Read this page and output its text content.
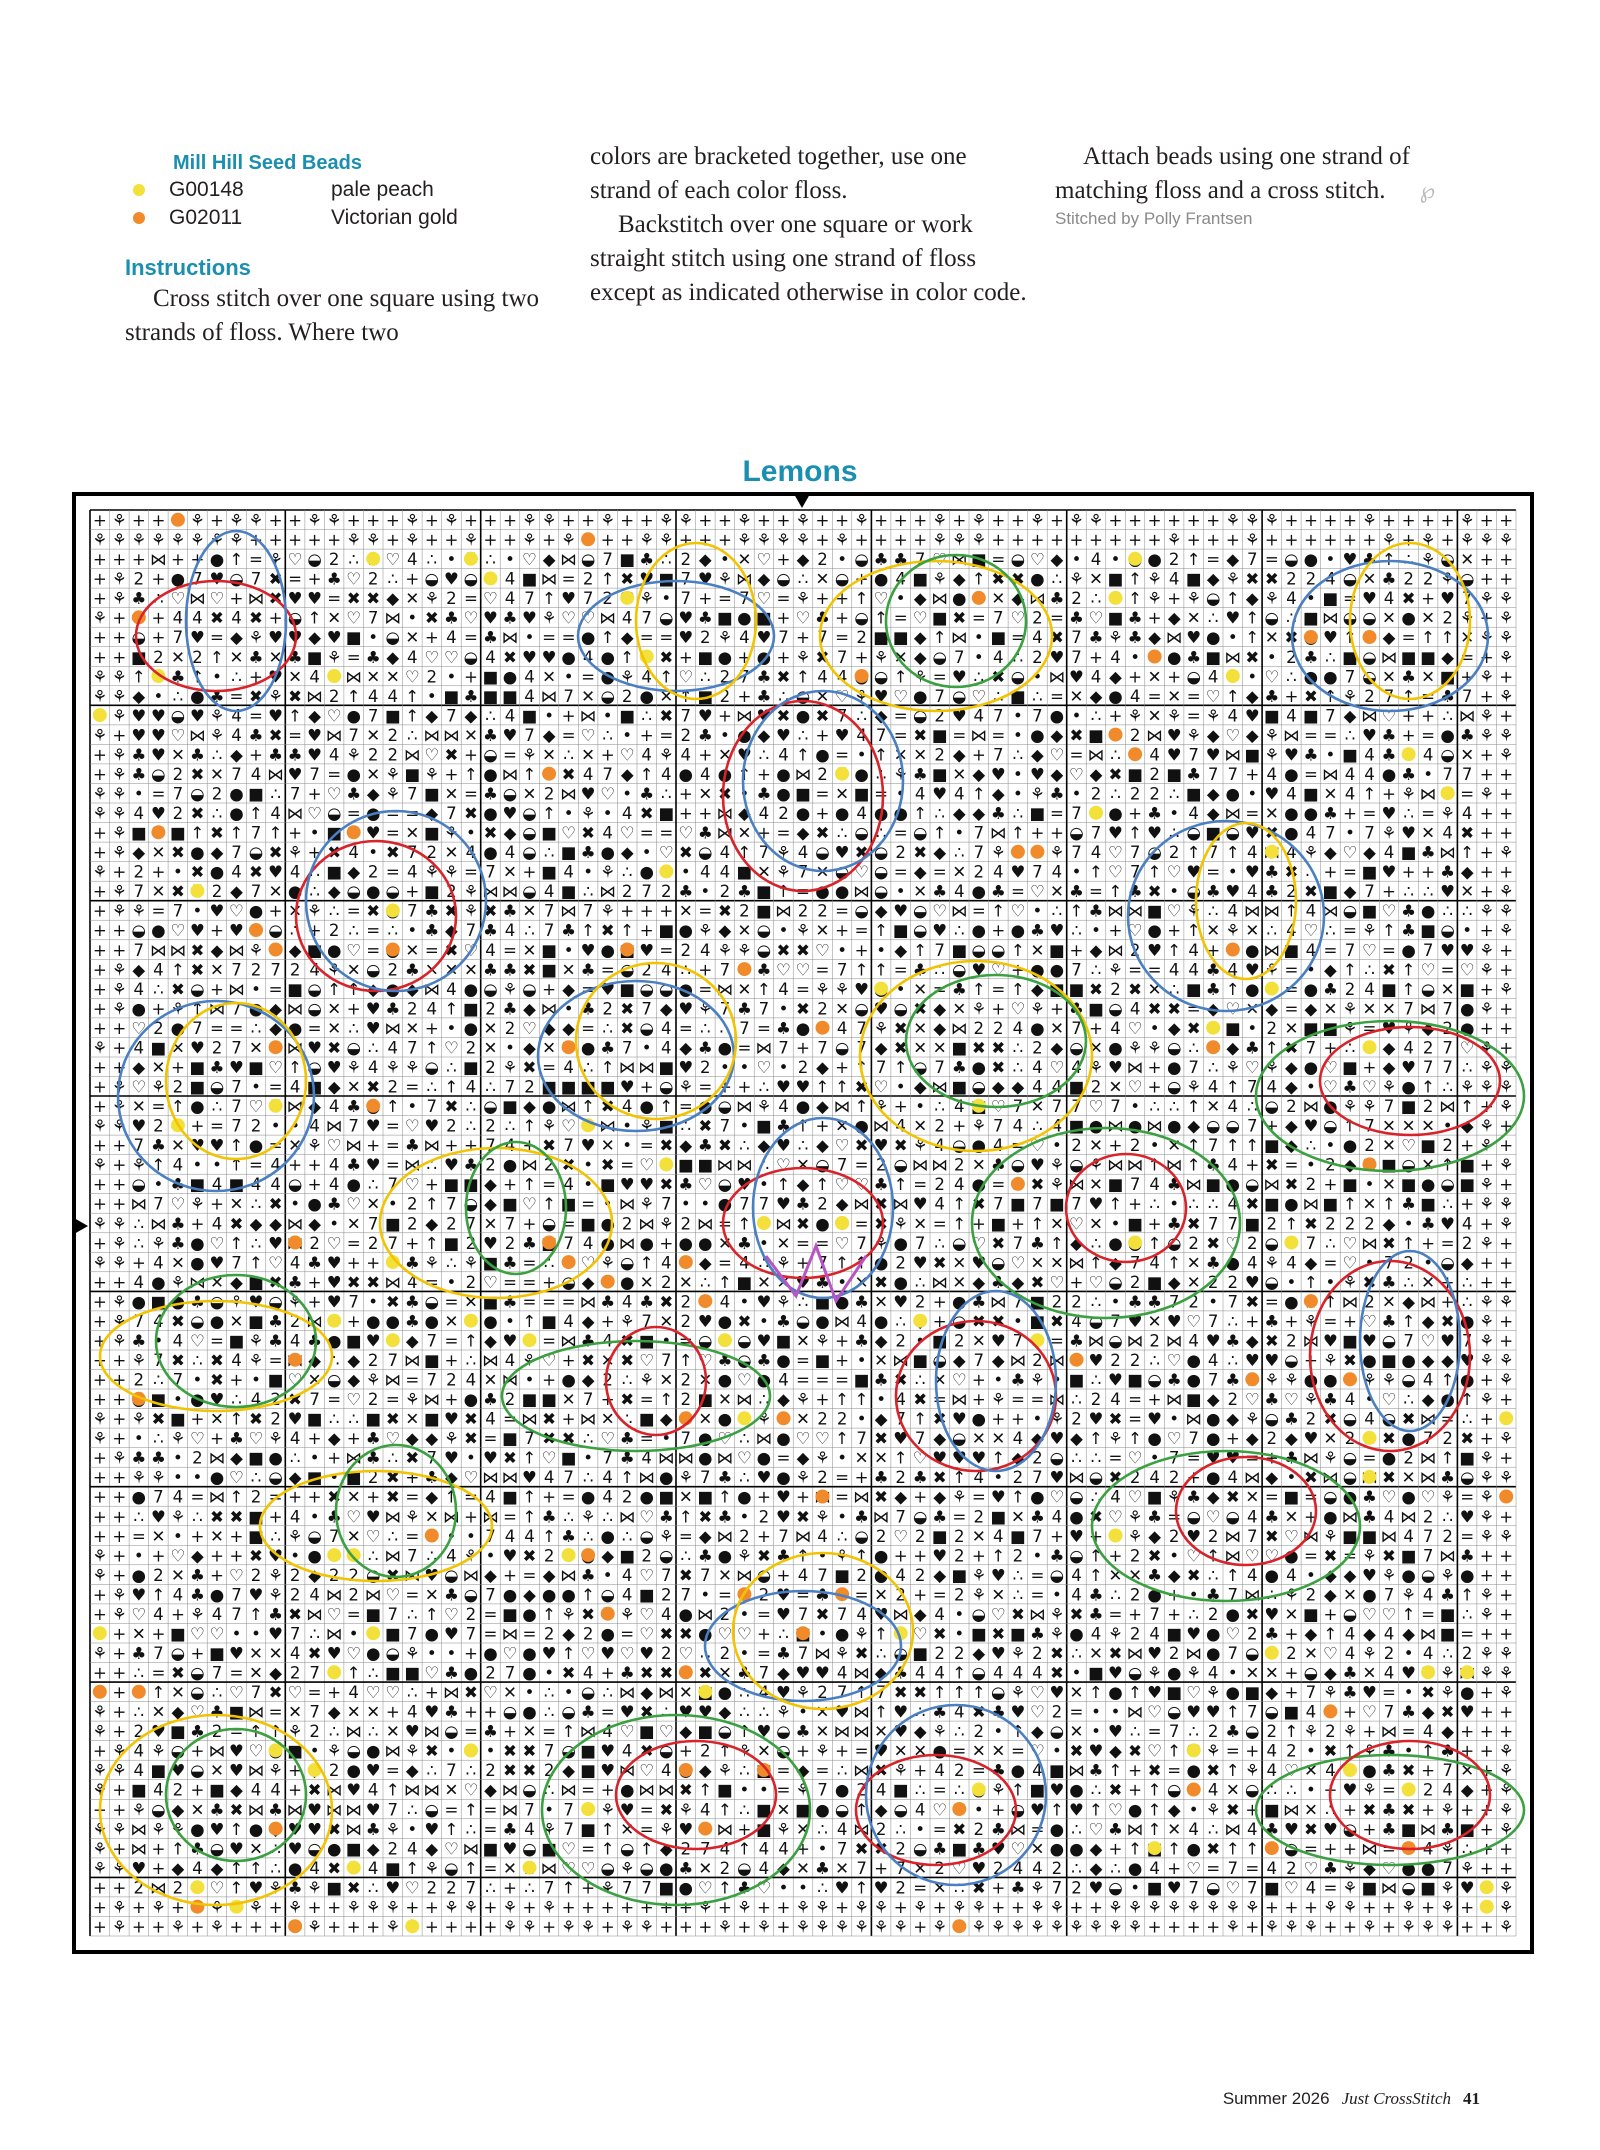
Mill Hill Seed Beads
G00148	pale peach
G02011	Victorian gold
Instructions

Cross stitch over one square using two strands of floss. Where two

colors are bracketed together, use one strand of each color floss.

Backstitch over one square or work straight stitch using one strand of floss except as indicated otherwise in color code.

Attach beads using one strand of matching floss and a cross stitch. ℘

Stitched by Polly Frantsen
Lemons
+ ⚘ + + ⚘ + ⚘ ⚘ + + ⚘ ⚘ + + + ⚘ + ⚘ + + + ⚘ ⚘ + + ⚘ + + ⚘ ⚘ + + ⚘ + + ⚘ + + ⚘ + + + ⚘ + ⚘ + + ⚘ + ⚘ ⚘ + + + + + + ⚘ ⚘ ⚘ + + + + ⚘ + + + + ⚘ + +
⚘ ⚘ ⚘ ⚘ ⚘ ⚘ ⚘ ⚘ + + + + + ⚘ ⚘ + ⚘ + + ⚘ + + ⚘ + ⚘ + + ⚘ ⚘ + + + ⚘ ⚘ ⚘ ⚘ + ⚘ + + + + ⚘ ⚘ ⚘ + + + + + + + + + ⚘ + + + ⚘ + + + + + + ⚘ + ⚘ + ⚘ ⚘ ⚘
+ + + ⋈ + + ● ↑ = ⚘ ♡ ◒ 2 ∴ ♡ 4 ∴ • ∴ • ♡ ◆ ⋈ ◒ 7 ■ ♣ ∴ 2 ◆ • ✕ ♡ + ◆ 2 • ◒ ♣ ♣ 7 ♡ ⋈ ■ = ◒ ♡ ◆ • 4 • ● 2 ↑ = ◆ 7 = ◒ ● • ♥ ♣ ↑ ∴ ⚘ ◒ ✕ + +
+ ⚘ 2 + ● 7 ♥ ◒ 7 ✖ = + ♣ ♡ 2 ∴ + ◒ ♥ ◒ 4 ■ ⋈ = 2 ↑ ✖ ♥ ■ 7 ♥ ⚘ ⋈ ◆ ◒ ∴ ✕ ◒ + ● 4 ■ ⚘ ◆ ↑ ✖ ✖ ● ∴ ⚘ ✕ ■ ↑ ⚘ 4 ■ ◆ ⚘ ✖ ✖ 2 2 4 ◒ ✕ ♣ 2 2 ⚘ ◒ + +
+ ⚘ ♣ ∴ ♡ ⋈ ♡ + ⋈ ✖ ♥ ♥ = ✖ ✖ ◆ ✕ ⚘ 2 = ♡ 4 7 ↑ ♥ 7 2 ⚘ • 7 + = 7 ♡ = ⚘ + + ↑ ♡ • ◆ ⋈ ● ✕ ◆ ⋈ ♣ 2 ∴ ↑ ⚘ + ⚘ ◒ ↑ ◆ ⚘ 4 • ■ = ♥ 4 ✖ + ♥ 7 ⚘ ⚘
⚘ + + 4 4 ✖ 4 ✖ + ◒ ↑ ✕ ♡ 7 ⋈ • ✖ ♣ ♡ ♥ ♣ ♥ ⚘ ♡ ♡ ⋈ 4 7 ◒ ♥ ♣ ■ ● ■ + ♡ ♣ + ◒ ↑ = ♡ ■ ✖ = 7 ♡ 2 = ♣ ♡ ■ ♣ + ◆ ✕ ∴ ♥ ↑ ◒ ∴ ■ ⋈ ◒ ◒ ✕ ● ✕ 2 ⚘ + ⚘
+ + ◒ + 7 ♥ = ◆ ⚘ ♥ ♥ ◆ ♥ ■ • ◒ ✕ + 4 = ♣ ⋈ • = = ● ↑ ◆ = = ♥ 2 ⚘ 4 ♥ 7 + 7 = 2 ■ ■ ◆ ↑ ⋈ • ■ = 4 ✖ 7 ♣ ⚘ ♣ ◆ ⋈ ♥ ● • ↑ ✕ ✖ ♥ ↑ ◆ = ↑ ↑ ✕ ⚘ ⚘
+ + ■ 2 ✕ 2 ↑ ✕ ♣ ✕ ♣ ■ ⚘ = ♣ ◆ 4 ♡ ♡ ◒ 4 ✖ ♥ ♥ ● 4 ● ↑ ✖ + ■ ● + ● + ⚘ ✖ 7 + ⚘ ✕ ◆ ◒ 7 • 4 ∴ 2 ♥ 7 + 4 • ● ♣ ■ ⋈ ✖ • 2 ♣ ∴ ■ ◒ ⋈ ■ ■ ◆ = + ⚘
⚘ ⚘ ↑ ♣ ↑ • ∴ + ♥ ✕ 4 ⋈ ✕ ✕ ♡ 2 • + ■ ● 4 ✕ • = ● ⚘ 4 ↑ ♡ ∴ 2 7 ♣ ✖ ↑ 4 4 ◒ ↑ ⚘ = ♥ ∴ ✖ ◒ • ⋈ ♥ 4 ◆ + ✕ + ◒ 4 • ♡ ∴ ● ● 7 ◒ ✕ ♣ ✕ ■ + ⚘ +
⚘ ⚘ ◆ • ∴ ● ♣ = ✖ ⚘ ✖ ⋈ 2 ↑ 4 4 ↑ • ■ ♣ ■ ■ 4 ⋈ 7 ✕ ◒ 2 ● ✕ ↑ ■ 2 + ♣ ∴ ◒ ✕ ♡ ⚘ ♥ ♡ ● 7 ◒ ♡ ∴ ■ ∴ = ✕ ◆ ● 4 = ✕ = ♡ ↑ ◆ ♣ + ✖ ↑ ⚘ 2 7 ↑ = ♣ 7 + ⚘
⚘ ♥ ♥ ◒ ♥ ⚘ 4 = ♥ ↑ ◆ ♡ ● 7 ■ ↑ ◆ 7 ◆ ∴ 4 ■ • + ⋈ • ■ ∴ ✖ 7 ♥ + ⋈ ♥ ✖ ● ✖ 7 ∴ ◆ = ◒ 2 ♥ 4 7 • 7 ● • ∴ + ⚘ ✕ ⚘ = ⚘ 4 ♥ ■ 4 ■ 7 ◆ ⋈ ♡ + + ∴ ⋈ ⚘ +
⚘ + ♥ ♥ ♡ ⋈ ⚘ 4 ♣ ✖ = ♥ ⋈ 7 ✕ 2 ∴ ⋈ ⋈ ✕ ♣ ♥ 7 ◆ = ♡ ∴ • + = 2 ♣ • ● ◆ ♥ ∴ + ♥ 4 7 = ✖ ■ = ⋈ = • ● ◆ ✖ ■ 2 ⋈ ♥ ⚘ ◆ ♡ ◆ ⚘ ⋈ = = ∴ ♥ ♣ + = ● ♣ ⚘ ⚘
+ ⚘ ♣ ♥ ✕ ♣ ∴ ◆ + ♣ ♣ ♥ 4 ⚘ 2 2 ⋈ ♡ ✖ + ◒ = ⚘ ✕ ∴ ✕ + ♡ 4 ⚘ 4 + ✕ ♥ ∴ 4 ↑ ● = • ↑ ✕ ✕ 2 ◆ + 7 ∴ ◆ ♡ = ⋈ ∴ 4 ♥ 7 ♥ ⋈ ■ ⚘ ♥ ♣ • ■ 4 ♣ 4 ◒ ✕ + ⚘
+ ⚘ ♣ ◒ 2 ✖ ✕ 7 4 ⋈ ♥ 7 = ● ✕ ⚘ ■ ⚘ + ↑ ● ⋈ ↑ ✖ 4 7 ◆ ↑ 4 ● 4 ● ↑ + ● ⋈ 2 ● ∴ ⚘ ♣ ■ ✕ ◆ ♥ • ♥ ◆ ♡ ◆ ✖ ■ 2 ■ ♣ 7 7 + 4 ● = ⋈ 4 4 ● ♣ • 7 7 + +
⚘ ⚘ • = 7 ◒ 2 ● ■ ∴ 7 + ♡ ♣ ◆ ⚘ 7 ■ ✕ = ♣ ◒ ✕ 2 ⋈ ♥ ♡ • ♣ ∴ + ✕ ✖ • ♣ ● ■ = ✕ ■ = • 4 ♥ 4 ↑ ◆ • ⚘ ♣ • 2 ∴ 2 2 ∴ ■ ◆ ● • ♥ 4 ■ ✕ 4 ↑ + ⚘ ⋈ = ⚘ +
⚘ ⚘ 4 ♥ 2 ✖ ∴ ● ↑ 4 ⋈ ♡ ◒ = ● = = ◆ 7 ✖ ● ♥ ◒ ↑ • ⚘ • 4 ✖ ■ + + ⋈ ◆ 4 2 ● + ● 4 ● ● ↑ ∴ ◆ ◆ ♣ ∴ ■ = 7 ● + ♣ • 4 ◆ ⋈ = ✕ ● ● ♣ + = ♥ ∴ = ⚘ 4 + +
+ ⚘ ■ ■ ↑ ✖ ↑ 7 ↑ + • ■ ♥ = ✕ ■ ⚘ • ✖ ◆ ◒ ■ ♡ ✖ 4 ♡ = = ♡ ♣ ⋈ ✕ + = ◆ ✖ ∴ ◒ ∴ = ◒ ↑ • 7 ⋈ ↑ + + ◒ 7 ♥ ↑ ♥ ∴ ◒ ■ ◒ ♥ ✖ ● 4 7 • 7 ⚘ ♥ ✕ 4 ✖ + +
+ ⚘ ◆ ✕ ✖ ● ◆ 7 ◒ ✖ ⚘ + ✖ 4 • ✖ 7 2 ✕ 4 ● 4 ◒ ∴ ■ ♣ ● ◆ • ♡ ✖ ◒ 4 ↑ 7 ⚘ 4 ◒ ♥ ✖ ◒ 2 ✖ ◆ ∴ 7 ⚘	⚘ 7 4 ♡ 7 ◒ 2 ↑ 7 ↑ 4 4 ⚘ ◆ ♡ ◆ 4 ■ ♣ ⋈ ↑ + ⚘
⚘ + 2 + • ✖ ● 4 ✖ ♥ 4 ∴ ■ ◆ 2 = 4 ⚘ ⚘ = 7 ✕ + ■ 4 • ⚘ ∴ ● • 4 4 ■ ✕ ⚘ 7 ✕ ◒ ♡ ◒ = ◆ = ✕ 2 4 ♥ 7 4 • ↑ ♡ 7 ↑ ♡ ♥ = • ♥ ♣ ✖ ∴ + = ■ ♥ + + ♣ ◆ + +
+ ⚘ 7 ✕ ✖ 2 ◆ 7 ✕ ● ∴ ◆ ◒ ● ◒ + ■ 2 ⚘ ⋈ ⋈ ◒ 4 ■ ∴ ⋈ 2 7 2 ♣ • 2 ♣ ■ ↑ = ● ● ⋈ ◒ • ✕ ♣ 4 ● ♣ = ♡ ✕ ♣ = ↑ ♣ ✖ • ◒ ♣ ♥ 4 ♣ 2 ✖ ■ ◆ 7 + ∴ ∴ ♥ ✕ + ⚘
+ ⚘ ⚘ = 7 • ♥ ♡ ● + ✕ ⚘ ∴ = ✖ 7 ♣ ✖ ⚘ ✖ ♣ ✕ 7 ⋈ 7 ⚘ + + + ✕ = ✖ 2 ■ ⋈ 2 2 = ◒ ◆ ♥ ◒ ♡ ⋈ = ↑ ♡ • ∴ ↑ ♣ ⋈ ⋈ ■ ♡ ⚘ ∴ 4 ⋈ ⋈ ↑ 4 ⋈ ◒ ■ ♡ ♣ ● ∴ ∴ ⚘ ⚘
+ + ◒ ● ♡ ♥ + ♥ ◒ ∴ + 2 ∴ = ∴ • ♣ ◆ 7 ♣ 4 ∴ 7 ♣ ↑ ✖ ↑ + ■ ● ⚘ ◆ ✕ ◒ • ⚘ ✕ + = ↑ ■ ◒ ♥ ∴ ● + ● ♣ ♥ ∴ • + ♡ ● + ↑ ✕ ⚘ ✕ ∴ 4 ♡ ∴ = ⚘ ↑ ♣ ■ ◒ • + ⚘
+ + 7 ⋈ ⋈ ✖ ◆ ⋈ ⚘ ◆ ■ ● ♡ = ✕ = ✖ ♡ 4 = ✕ ■ • ♥ ● ♥ = 2 4 ⚘ ⚘ ◒ ✖ ✖ ♡ • + • ◆ ↑ 7 ■ ◒ ◒ ↑ ✕ ■ + ◆ ⋈ 2 ♥ ↑ 4 + ● ⋈ ■ 4 = 7 ♡ = ● 7 ♥ ♥ ⚘ +
+ ⚘ ◆ 4 ↑ ✖ ✕ 7 2 7 2 4 ⚘ ✕ ◒ 2 ♣ ✕ ✕ ✕ ♣ ♣ ✖ ■ ✕ ♣ = ◒ 2 4 ∴ + 7 ♣ ♡ ♡ = 7 ↑ ↑ = ♣ ∴ ◒ ♥ ♡ + ● ● 7 ∴ ⚘ = = 4 4 ♣ 4 ♥ ⚘ = • ◆ ↑ ∴ ✖ ↑ ♡ = ♡ ⚘ +
+ ⚘ 4 ∴ ✖ ◒ + ⋈ • = ■ ◒ ↑ ↑ ◆ ● ◆ ⋈ 4 ● ◒ ⚘ ◒ + ◆ = ♥ ■ ◒ ◒ ● = ⋈ ✕ ↑ 4 = ⚘ ⚘ ♥ • ✕ = ♣ ↑ = ↑ ◆ ■ ■ ✖ 2 ✖ ✕ ∴ ■ ♣ ↑ ● = ● ♣ 2 4 ■ ↑ ◒ ✕ ■ + ⚘
+ ⚘ ● + ⚘ ↑ ⋈ 7 ● ◆ ⋈ ◒ ✕ + ♥ ♣ 2 4 ↑ ■ 2 ♣ ◆ ⋈ • ♣ 2 ✖ 7 ◆ ♥ ⚘ 7 ♣ 7 • ✖ 2 ✕ ◒ ♥ ◒ ✖ ◆ ✕ ⚘ + ♡ ⚘ + ♣ ■ ◒ 4 ✖ ✖ = ◆ ♡ ✕ ◆ = ◆ ✕ ⚘ ✕ ✕ 7 ⋈ 7 ● ⚘ +
+ + ♡ 2 ● 7 = = ∴ ◆ ● = ✕ ∴ ♥ ⋈ ✕ + • ● ✕ 2 ♡ ◆ ◆ = ∴ ✖ ◒ 4 = ∴ ∴ 7 = ♣ ● 4 7 ⚘ ✖ ✕ ◆ ⋈ 2 2 4 ● ✕ 7 + 4 ♡ • ◆ ✖ ■ • 2 ✕ ■ ■ ⚘ = ♥ ⚘ ◆ 2 ● + +
⚘ + 4 ■ ✕ ♥ 2 7 ✕ ⋈ ♥ ✖ ◒ ∴ 4 7 ↑ ♡ 2 ✕ • ◆ ✕ ● ♣ 7 • 4 ◆ ♣ ● = ⋈ 7 + 7 ◒ 7 ◆ ✖ ✕ ✕ ■ ✖ ✖ ∴ 2 ◆ ◒ ✕ ● ⚘ ⚘ ◒ ∴ ◆ ♣ ↑ ✖ 7 + ∴ ◆ 4 2 7 ♡ ⚘ +
+ + ◆ ✕ + ■ ♣ ♥ ■ ♡ ↑ ◒ ♥ ⚘ 4 ⚘ ⚘ ◒ ∴ ■ 2 ⚘ ✖ = 4 ∴ ↑ ⋈ ⋈ ■ ♥ 2 • • ♡ • 2 ◆ + ↑ 7 ↑ ◒ 7 ♣ ● ✖ ∴ 4 ♡ 4 ⚘ ♥ ⋈ + ● 7 ∴ ⚘ ♡ ⚘ ◆ ● ♡ ■ + ◆ ♥ 7 7 ∴ ⚘ ⚘
+ ⚘ ♡ ⚘ 2 ■ ◒ 7 • = 4 ■ ◆ ✕ ✖ 2 = ∴ ↑ 4 ∴ 7 2 ■ ■ ■ ■ ♥ + ◒ ⚘ = + + ∴ ♥ ♥ ↑ ↑ ✖ ♡ • ◆ ⋈ ■ ◒ ◆ ◆ 4 4 ■ 2 ✕ ♡ + ◒ ⚘ 4 ↑ 7 4 ◆ • ♡ ♣ ♡ ⚘ ● ↑ ∴ ⚘ ⚘ ⚘
+ ⚘ ✕ = ↑ ● ∴ 7 ♡ ⋈ ◆ 4 ♣ ↑ • 7 ✖ ∴ ◒ ■ ◆ ● ⋈ ↑ ✖ 4 ● ↑ = ● ◒ ⋈ ⚘ 4 ● ◆ ⋈ ↑ ⚘ + • ∴ 4 ♡ 7 ✕ 7 7 ♡ 7 • ∴ ∴ ↑ ✕ 4 ∴ ◒ 2 ⋈ ● ⚘ ⚘ 7 ■ 2 ⋈ ↑ + ⚘
⚘ ⚘ ♥ 2 + = 7 2 • • 4 ⋈ 7 ♥ = ♡ ♥ 2 ∴ 2 ∴ ↑ ⚘ ♡ ⋈ • ⚘ ■ ∴ ✖ 7 • ■ ♣ ↑ + ✕ ● ⋈ 4 ✕ 2 + ⚘ 7 4 ∴ 4 ■ ● ⋈ ● ⋈ ● ◆ ◒ ◒ 7 + ◆ ♥ ◒ ↑ 7 ✕ ✕ ✕ • ◆ ⚘ +
+ + 7 ♣ ✕ ♥ ♥ ↑ ● = ✕ ⚘ ♡ ⋈ + = ♣ ⋈ + + 7 4 + ✖ 7 ♥ ✕ • = ✖ ◆ ♣ ✖ ∴ ◆ ♥ ∴ ◆ ♡ ✖ ♥ ✖ ⚘ 4 ◒ ● 4 = ♡ • 2 ✕ + 2 • ✕ ↑ 7 ↑ ↑ ■ ◆ ∴ • ● 2 ✕ ♡ ■ 2 + ⚘ +
⚘ + ⚘ ↑ 4 • • ↑ = 4 + + 4 ♣ ♥ = ⋈ ∴ ♥ ♣ 2 ● ⋈ 2 ✖ • ✖ = ♡ ■ ■ ⋈ ⋈ ∴ ♡ ✕ ◒ 7 = 2 ◒ ⋈ ⋈ 2 ✕ ♣ ◒ ♥ ⚘ ◒ ⚘ ⋈ ⋈ ↑ ⋈ ↑ ♣ 4 + ✖ = • 2 ◆ ■ ◒ ✕ ↑ ■ + ⚘
+ + ◒ • ♣ ■ 4 ■ 4 4 ◒ + 4 ● ∴ 7 ♡ + ■ ■ ◆ + ↑ = 4 • ■ ♥ ♥ ✖ ♣ ♡ ◒ ♥ • ↑ ◆ ↑ ♡ ♡ ♣ ↑ = 2 4 ● = ✖ ⚘ ⋈ ✕ ■ 7 4 ♣ ⋈ ■ ● ◒ ⋈ ✖ 2 + ■ • ✕ ■ ● ◒ ■ ⚘ +
+ + ⋈ 7 ♡ ⚘ + ✕ ∴ ✖ • ● ♣ ♡ ✕ • 2 ↑ 7 ◒ ◆ ■ ♡ ↑ ■ = • ⋈ ⚘ 7 • • ● 7 7 ♥ ♣ 2 ◆ ⋈ ✖ ⋈ ♥ 4 ↑ ✖ 7 ■ 7 ■ 7 ♥ ↑ + ∴ • ∴ ∴ 4 ✖ ■ ● ⋈ ■ ↑ ✕ ↑ ♣ ■ ∴ + ⚘ ⚘
⚘ ⚘ ∴ ⋈ ♣ + 4 ✖ ◆ ◆ ⋈ ◆ • ✕ 7 ■ 2 ◆ 2 7 ✕ 7 + ◒ = ■ ● 2 ⋈ ⚘ 2 ⋈ = ↑ ⋈ ✖ ● = ✖ ⚘ ✕ = ↑ + ■ + ↑ ✕ ♡ ✕ • ■ + ♣ ✖ 7 7 ■ 2 ↑ ✖ 2 2 2 ◆ • ♣ ♥ 4 + ⚘
+ ⚘ ∴ ⚘ ♣ ● ♡ ↑ ∴ ♥ 2 ♡ = 2 7 + ↑ ■ 2 ♥ 2 ♣ 7 4 ● ⋈ ● + ● ● ✕ ♣ • ✕ = = ♡ 7 ⚘ ● 7 ∴ ◒ ♡ ✖ 7 ♣ ↑ ◆ ∴ ● ↑ ◒ 2 ✖ ♡ 2 ◒ 7 ∴ ♡ ⋈ ✖ ↑ + = 2 ⚘ +
⚘ ⚘ + 4 ✕ ● ♥ 7 ↑ ♡ 4 ♣ ♥ + + ♣ ⚘ ∴ ⚘ ■ ♣ = ∴ ♡ ⚘ ◒ ↑ 4 ◆ = 4 ∴ ⚘ + 7 ↑ ↑ ● 2 ♥ ✖ ✕ ♥ ◒ ♡ ✕ ✕ ⋈ ↑ ◆ 7 4 ↑ ✕ ♣ ● 4 ⚘ 4 ◆ = ♡ • 7 2 • ◒ ◆ + +
+ + 4 ● ⚘ ⋈ ✕ ◆ ■ ✖ ♣ + ♥ ✖ ✖ ⋈ 4 = • 2 ♡ = = + ◒ ◆ ● ✕ 2 ✕ ∴ ↑ ■ ✕ ✕ ♥ ♣ • ✕ ✖ ● ∴ ⋈ ✕ ◆ ♣ ◆ ✖ ♡ + ♡ ◒ 2 ■ ◆ ✕ 2 2 ♥ ◒ • ↑ • ⚘ ✖ ♣ ∴ ✕ + ∴ + +
+ ⚘ ● ■ ● ♣ ◒ ⚘ ♥ ◒ ⚘ + ♥ 7 • ✖ ♣ ◒ = ✕ ■ ♣ = = = ⋈ ♣ 4 ♣ ✖ 2 4 • ♥ ⚘ ∴ ■ ● ♣ ✕ ♥ 2 + ● ♣ ⋈ 7 ■ 2 2 ∴ • ♣ ♣ 7 2 • 7 ✖ = ● ↑ ⋈ 2 ✕ ◆ ⋈ + ∴ ⚘ ⚘
+ ⚘ 7 4 ✖ ◒ ● ✕ ■ ♣ 2 ⋈ + ● ● ♣ ● ✕ ● • ↑ ■ 4 ◆ + ⚘ 7 ✕ 2 ♥ ● ✖ • ♣ ◒ ● ⋈ 4 ● ∴ + ◒ ✖ ✖ • ■ ✖ 4 ◒ 7 ♥ ✕ ♥ ♡ 7 ∴ + ♣ + ⚘ = + ♡ ♣ ↑ ◆ ✖ ● ⚘ +
+ ⚘ ♣ • 4 ♡ = ■ ⚘ ♣ 4 ♣ ● ■ ♥ ◆ 7 = ↑ ◆ ♥ = ⋈ ♣ 4 ✖ ■ • = ◒ ◒ ♥ ■ ✕ ⚘ + ♣ ◆ 2 • ■ 2 ✕ ♥ 7 = ♣ ⋈ ◒ ⋈ 2 ⋈ 4 ♥ ♣ ◆ ✖ 2 ⋈ ♥ ■ ♥ ◒ 7 ♡ ♥ 7 ⚘ +
+ + ⚘ 7 ✖ ∴ ✖ 4 ⚘ = ◆ ∴ ◆ 2 7 ⋈ ■ + ∴ ⋈ 4 ⚘ ♡ + ✖ ✕ ✖ ♡ 7 ↑ ♡ ♣ ◒ ♣ ● = ■ + • ✕ ⋈ ■ ◒ ◆ 7 ◆ ⋈ 2 ⋈ ♥ 2 2 ∴ ♡ ● 4 ∴ ♥ ♥ ◒ + ⚘ ✖ ● ■ ● ◆ ◆ ♥ ⚘ ⚘
+ + 2 ∴ 7 • ✖ + • ■ ♡ ✕ ◒ ◆ ⚘ ⋈ = 7 2 4 ✕ ⋈ • + ● ◆ 2 ∴ ⚘ ✕ 2 ✕ ● ♡ ● 4 = = = ■ ♣ ✖ ∴ ✕ ♡ + • ♣ ⚘ • ■ ∴ ♥ ■ ◒ ♣ ● 7 ♣ ⚘ ⚘ ● ● ⚘ ⚘ ◒ 4 ↑ ● + ⚘
+ + ■ • ● ♥ ∴ 4 2 ✖ 7 = ♡ 2 = ⚘ ⋈ + ● ♣ 2 ■ ■ ✕ 7 + ✖ = ↑ 2 ■ ✕ ⋈ ∴ ◆ ⚘ + ↑ ↑ • 4 ✖ = ⋈ + ⚘ = = ⋈ ∴ 2 4 = + ⋈ ■ ◆ 2 ♡ ♣ ♡ ⚘ ♣ 4 • ♡ ∴ ◆ ● ↑ ⚘ +
⚘ + ⚘ ✖ ■ + ✕ ↑ ✖ 2 ♥ ■ ∴ ∴ ■ ✖ ✕ ■ ♥ ✖ 4 = ⋈ ✖ + ⋈ ✕ ∴ ■ ◆ ✕ ● ⚘ ✕ 2 2 • ◆ 7 ↑ ✖ ♥ ● + + • ⚘ 2 ♥ ✖ = ♥ • ⋈ ● ◆ ⚘ ◒ ♣ 2 ✖ ◒ 4 ◒ ✖ ⋈ = ∴ +
⚘ + • ∴ ⚘ ♡ + ♣ ♡ ⚘ 4 + ◆ + ♣ ♡ ◆ ◆ ⚘ ✖ = ■ 7 ✖ ✖ ∴ ♡ ♣ = • 7 ● ♡ ∴ ⋈ ● ♡ ♡ ↑ 7 ✖ ♥ 7 ◆ ◒ ✕ ✕ 4 ◆ ♥ ◆ ↑ ⚘ ↑ ● ♡ 7 ● + ◆ 2 ◆ ♥ ✕ 2 ✖ ● 7 2 ✖ + ⚘
+ ⚘ ♣ ♣ • 2 ⋈ ◆ ■ ● ∴ • + ⋈ ♣ ∴ ✖ 7 ♥ • ♥ ✖ ↑ ♡ ■ • 7 ♣ 4 ⋈ ⋈ ● ⋈ ♡ ● = ◆ ⚘ • ✕ ✕ ↑ ♡ ♥ ♥ ♥ ↑ ◆ 2 ◒ ∴ ∴ = ♡ • 7 = ♥ ♥ = + ♣ ⋈ ⚘ ◒ = ● 2 ⋈ ↑ ■ ⚘ +
+ + ⚘ ⚘ • • ● ♡ ∴ ◒ ◆ ■ • ■ 2 ✖ + ♣ ◆ ♡ ⋈ ⋈ ♥ 4 7 ∴ 4 ↑ ⋈ ● ⚘ 7 ♣ ∴ ♥ ● ⚘ 2 = + ♣ 2 ♣ ✖ ↑ 4 • 2 7 ♥ ⋈ ◒ ✖ 2 4 2 + ● 4 ⋈ ◆ • ✖ ⋈ ◒ ✖ ✕ ⋈ ♣ ◒ ⚘ ⚘
+ + ● 7 4 = ⋈ ↑ 2 = + + ✖ ✕ + ✖ = ◆ ↑ = 4 ■ ↑ + = ● 4 2 ● ■ ✕ ■ ↑ ● + ♥ + = ⋈ ✖ ◆ + ◆ ⚘ = ♥ ↑ ● ♡ ◒ ∴ 4 ♡ ■ ⚘ ♣ ◆ ✖ ✕ = ■ = ◒ ● ♣ ♡ ● ♡ ⚘ = ⚘
+ + ∴ ♥ ⚘ ∴ ✖ ✖ ■ + 4 • ♣ ♡ ♥ ⋈ ⚘ ✕ ⋈ + ⋈ = ↑ ♣ ∴ ⚘ ∴ ⋈ ♡ ♣ ↑ ✖ ♣ • 2 ♥ ✖ ⚘ • ♣ ⋈ 7 ◒ ♣ = 2 ■ ✕ ♣ 4 ● ✖ ♡ ⚘ ♣ = ◒ ♡ ◒ 4 ♣ ✕ + ● ⋈ ♣ 4 ⋈ 2 ∴ ♥ ⚘ +
+ + = ✕ • + ✕ + ■ ∴ ⚘ ◒ 7 ✕ ♡ ∴ = • • 7 4 4 ↑ ♣ ∴ ● ∴ ◒ ⚘ = ◆ ⋈ 2 + 7 ⋈ 4 ∴ ◒ 2 ♡ 2 ■ 2 ✕ 4 ■ 7 + ♥ + ⚘ ◆ 2 ♥ 2 ⋈ 7 ✖ ♡ ⋈ ⚘ ■ ■ ⋈ 4 7 2 = ⚘ ⚘
⚘ + • + ♡ ◆ + + ✖ ♥ • ●	∴ ⋈ 7 ∴ 4 ⚘ • ♥ ✖ 2	◆ ■ 2 ◒ ∴ ♣ ● ⚘ ✖ ♣ ↑ • ⚘ ↑ ● + + ♥ 2 + ↑ 2 • ♣ ◒ ↑ + 2 ✖ • ♡ ↑ ⋈ ♡ ♡ ● = ✖ = ⚘ ✖ ■ 7 ⋈ ♣ + +
⚘ + ● 2 ✕ ♣ + ♡ 2 ⚘ 2 ◆ 2 2 ◒ ✖ ⋈ ♥ ◒ ⋈ ◆ + = ◆ ⋈ ♣ • 4 ♡ 7 ✖ 7 ✕ ⋈ ◒ + 4 7 ■ 2 ● 4 2 ◆ ■ ⚘ ♥ ∴ = ◒ 4 ↑ ✕ ✕ ♣ ◆ ✖ ∴ ↑ 4 ● 4 • ◆ ◆ ♥ ⚘ ● ◒ ⚘ ● + +
+ ⚘ ♥ ↑ 4 ♣ ● 7 ♥ ⚘ 2 4 ⋈ 2 ⋈ ♡ = ✕ ♣ ◒ 7 ● ◆ ● ● ↑ ◒ 4 ■ 2 7 • = 2 ♥ = ♣ = ✕ 2 + = 2 ⚘ ✕ ∴ = • 4 ♣ ∴ 2 ● + • ♣ 7 ⋈ ∴ ⚘ 2 ◆ ✕ ● 7 ⚘ 4 ♣ ↑ ⚘ +
+ ⚘ ♡ 4 + ⚘ 4 7 ↑ ♣ ✖ ⋈ ♡ = ■ 7 ∴ ↑ ♡ 2 = ■ ● ↑ ⚘ ✖ ⚘ ♡ 4 ● ⋈ 2 • = ♥ 7 ✖ 7 4 ♥ ⋈ ◆ 4 • ◒ ♡ ✖ ⋈ ⚘ ✖ ♣ = + 7 + ∴ 2 ● ✖ ♥ ✕ ■ + ◒ ♡ ♡ ↑ = ■ ∴ ⚘ +
+ ✕ + ■ ♡ ♡ • • ♥ 7 ∴ ⋈ • ■ 7 ● ♥ 7 = ⋈ = 2 ◆ 2 ● = ♡ ✖ ✖ ● ♡ ♡ + ∴ • ● ⚘ ↑ ♡ ✖ • ■ ✖ ■ ♣ ⚘ ● 4 ⚘ 2 4 ■ ♥ ● ♡ 2 ♣ + ◆ ↑ 4 ◆ 4 ◆ ⋈ ■ = + +
⚘ + ♣ 7 ◒ + ■ ♥ ✕ ✕ 4 ✖ ♥ ♡ ● ◒ ⚘ • • + ● ♡ ● ♥ ↑ ♡ ♥ ♡ ♥ 2 ♡ ∴ 2 • = ♣ 7 ⋈ ⚘ ✖ ∴ ◒ ■ 2 2 ◆ ♥ ⚘ 2 ✖ ∴ ✕ ✖ ⋈ ♥ 2 ⋈ ● 7 ◒ 2 ✕ ♡ 4 ⚘ 2 • 4 ∴ 2 ⚘ ⚘
+ + ∴ = ✖ ◒ 7 = ✕ ◆ 2 7 ↑ ∴ ■ ■ ♡ ♣ ● 2 7 ● • ✖ 4 + ♣ ✖ ✖ ✖ ✕ ♣ 7 ◆ ♥ ♥ 4 ⋈ ◆ ♣ 4 4 ↑ ◒ 4 4 4 ✖ • ■ ♥ ◒ ⚘ ● ⚘ 4 • ✕ ✕ + ◒ ◆ ♣ ✕ 4 ♥ ⚘ ⚘ ⚘
+ ↑ ✕ ◒ ∴ ♡ 7 ✖ ♡ = + 4 ♡ ♡ ∴ + ⋈ ✖ ♡ ✕ • ∴ • ◒ ∴ ⋈ ◆ ⋈ ✕ ● ∴ 4 ♥ ⚘ 2 7 ↑ 7 ✖ ✖ ↑ ↑ ↑ ◒ ⚘ ♡ ♥ ✕ ↑ ● ↑ ♥ ■ ♡ ⚘ ● ■ ◆ + 7 ⚘ ♣ ♥ = • ✖ ⚘ ● + ⚘
⚘ + ∴ ✕ ◆ ♡ ♣ ■ ⋈ = ✕ 7 ◆ ✕ ✕ + 4 ♥ ♣ + + ◒ ● ∴ ◒ ♣ = ♥ ✖ ∴ ♥ ♥ ◆ ∴ ∴ ⚘ • ✕ ♥ ⋈ ↑ ♥ ∴ ♣ 4 ✖ ♣ ♥ ♡ 2 = • • ⋈ ♡ ◒ ♥ ♥ ↑ 7 ◒ ■ 4 + ♡ 7 ♣ ◆ ✖ ♥ + +
⚘ + 2 ♥ ■ ♣ 2 = ↑ ↑ ⚘ 2 ∴ ⋈ ∴ ✕ ♥ ⋈ ◒ = ♣ + ✕ = ↑ ⋈ 4 ♡ ■ ♡ ◆ ■ ◒ ↑ ♥ ◒ ♣ ✕ ⋈ ⋈ ✕ ♥ ◆ ⚘ ∴ 2 • ↑ ◆ ◒ ✕ • ♥ ∴ = 7 ∴ 2 ♣ ◒ 2 ↑ ⚘ 2 ⚘ + ⋈ = 4 ◆ + + +
+ ⚘ 4 ⚘ ◒ + ⋈ ♥ ♡ ■ • ⚘ ◒ ● ⋈ ⚘ ✖ • • ✖ ✖ 7 ◒ ■ ♥ 4 ✖ ◒ + 2 ↑ ⚘ ✕ ◒ + ⚘ + = ♥ ✕ ✕ ● = ✕ ✕ = ♡ • ✖ ♥ ◆ ✖ ♡ ↑ ⚘ = + 4 2 • ✖ ↑ ⚘ ♣ • ↑ ♣ + + ⚘
⚘ ⚘ 4 ■ ♥ ◒ ✕ ♥ ⋈ ⚘ + 2 ● ♥ = ◆ ∴ 7 ∴ 2 ✖ ✖ 2 ◆ ■ ♥ ⋈ ♡ 4 ◆ ⚘ ∴ = ◆ = ∴ ⋈ ✖ ⚘ + 4 2 = ♣ ● 4 ■ ⋈ ♣ ↑ + ✖ = ● ✖ ↑ ⚘ 4 ♡ ✕ 4 ● ♣ ✖ + 7 ✕ + ⚘
⚘ + ■ 4 2 + ■ ◆ 4 4 + ✖ ⋈ ♥ 4 ↑ ⋈ ⋈ ✕ ♡ ◆ ⋈ ◒ ∴ ⋈ = + ● ⋈ ⋈ ✖ ↑ ■ • • = ⚘ 7 ● 2 4 ■ ∴ = ∴ ⚘ ↑ ■ ♥ ● ∴ ✖ + ↑ ◒ 4 ✕ ◒ ∴ ∴ • + ♥ ⚘ = 2 4 ◆ + ⚘
+ + ⚘ ◒ ◆ ✕ ♣ ✖ ⋈ ♣ ⋈ ♥ ⋈ ⋈ ♥ 7 ∴ ◒ = ↑ = ⋈ 7 • 7 ⚘ ♥ = ✖ ⚘ 4 ↑ ∴ ■ ✕ ■ ● ◒ ↑ ◆ ◒ 4 ♡ • + ◒ ♥ ↑ ♥ ↑ ♡ ● ↑ ◆ • ⚘ ✖ + ■ ⋈ ✕ ∴ + ✖ ♣ ✖ + ⚘ + + ⚘
⚘ ⚘ ⋈ ⚘ ⚘ ● ♥ ↑ ● ♥ ♥ ✖ ⋈ ♣ ⚘ • ♥ ↑ ∴ = ♣ 4 ⚘ 7 ■ ↑ ✕ = ⚘ ♥ ⋈ + ■ ⚘ ✕ ∴ 4 ⋈ 2 ∴ • = ✖ 2 ♣ ⋈ = ● ∴ ♡ ♣ ⋈ ↑ ✕ 4 ∴ ⋈ 4 ♣ ♥ ✖ ♥ ◒ + ♣ ■ ⋈ ♣ ■ + ⚘
⚘ + ⋈ + ↑ ♣ ◒ ♥ ✕ ∴ ♥ ◒ ● ■ ◆ 2 4 ◆ ♡ ⋈ ■ ♥ ◒ ■ ♡ = ↑ ◒ ↑ ◆ 2 7 4 ↑ 4 4 + • 7 ✖ ✖ 2 ◒ ♣ ■ ♣ ♥ ♡ ✕ ● ● ◆ + ↑ ↑ ● ✖ ↑ ↑ ◒ = + + ⋈ = 4 ⚘ ∴ + +
⚘ ⚘ ♥ + ◆ 4 ◆ ↑ ↑ ∴ ● 4 ✖ 4 ■ ↑ ⚘ ◒ ↑ = ✕ ⋈ ♡ ♡ ◒ ⚘ ◒ ● ♣ ✕ 2 ◒ 4 ◆ ✕ ♣ ✕ 7 + 7 ✕ 2 ♡ ♥ 2 4 4 2 ∴ ◆ ∴ ● 4 + ♡ = 7 = 4 2 ♡ ♣ ⚘ ◆ ♡ ● ● 7 ⚘ + +
+ + 2 ⋈ 2 ♡ ↑ ♥ ⚘ ♣ ⚘ ■ ✖ ∴ ♥ ♡ 2 2 7 ∴ + ∴ 7 ↑ + ⚘ 7 7 ■ ● ♡ ↑ ♣ ♡ • • ∴ ♥ ↑ ♥ 2 = ✕ ∴ ✖ + ♣ ⚘ 7 2 ♥ ◒ • ■ ♥ 7 ◒ ♡ 7 ■ ♡ 4 = ⚘ ■ ⋈ ◒ ■ ⚘ ♥ ⚘
+ ⚘ + ⚘ + ⚘ ⚘ + ⚘ + + ⚘ ⚘ ⚘ + + ⚘ ⚘ + ⚘ + ⚘ + + + + + + + ⚘ + ⚘ + + ⚘ ⚘ + ⚘ ⚘ + ⚘ + ⚘ ⚘ + + ⚘ ⚘ + + ⚘ ⚘ ⚘ ⚘ ⚘ ⚘ ⚘ ⚘ + + + ⚘ ⚘ + + ⚘ + ⚘ + ⚘
+ ⚘ + + ⚘ + ⚘ + + + ⚘ + + + ⚘ + + + + ⚘ ⚘ + ⚘ ⚘ + ⚘ ⚘ + + + ⚘ + ⚘ + ⚘ ⚘ ⚘ ⚘ ⚘ ⚘ + ⚘ ⚘ ⚘ ⚘ ⚘ ⚘ ⚘ ⚘ ⚘ ⚘ + + + + ⚘ + ⚘ ⚘ ⚘ + + ⚘ + ⚘ ⚘ ⚘ + + ⚘
Summer 2026 Just CrossStitch 41
